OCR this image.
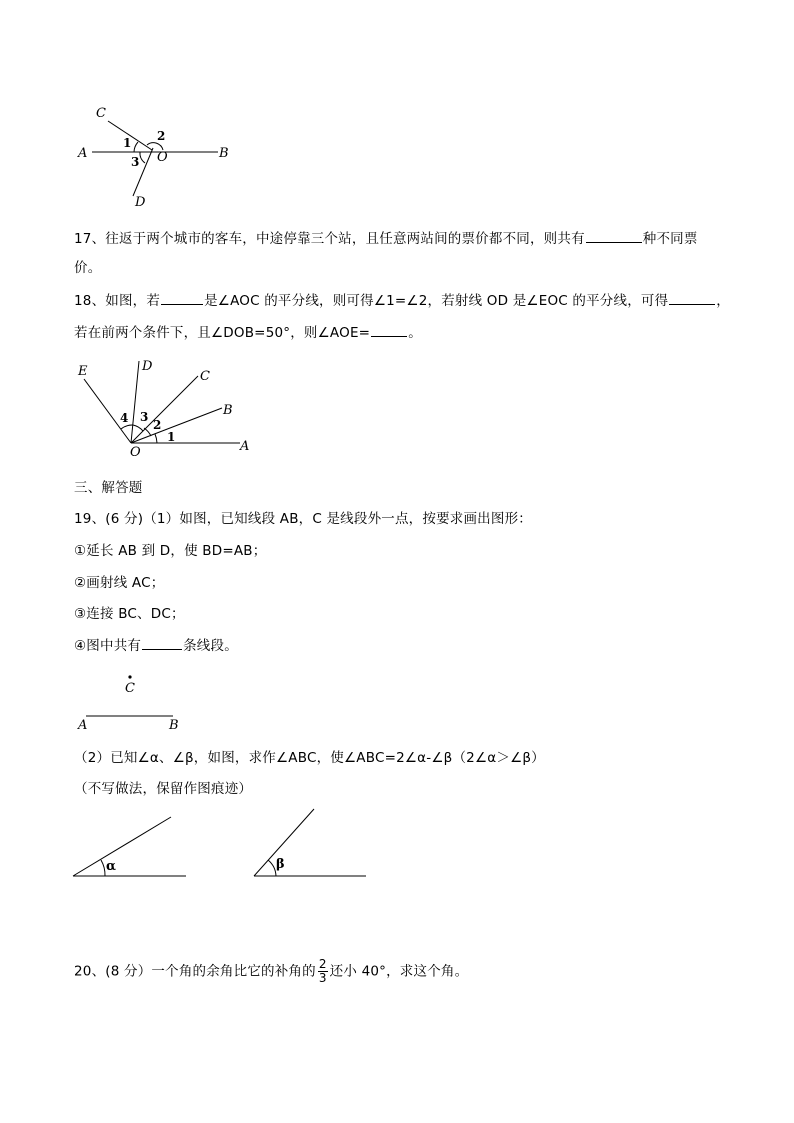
C
A	B
D
O
1 2
3
17、往返于两个城市的客车，中途停靠三个站，且任意两站间的票价都不同，则共有	种不同票
价。
18、如图，若	是∠AOC 的平分线，则可得∠1=∠2，若射线 OD 是∠EOC 的平分线，可得	，
若在前两个条件下，且∠DOB=50°，则∠AOE=	。
E	D
C
B
A
O
1
2
3
4
三、解答题
19、(6 分)（1）如图，已知线段 AB，C 是线段外一点，按要求画出图形：
①延长 AB 到 D，使 BD=AB；
②画射线 AC；
③连接 BC、DC；
④图中共有	条线段。
C
A	B
（2）已知∠α、∠β，如图，求作∠ABC，使∠ABC=2∠α-∠β（2∠α＞∠β）
（不写做法，保留作图痕迹）
α	β
20、(8 分）一个角的余角比它的补角的 $\frac{2}{3}$ 还小 40°，求这个角。
